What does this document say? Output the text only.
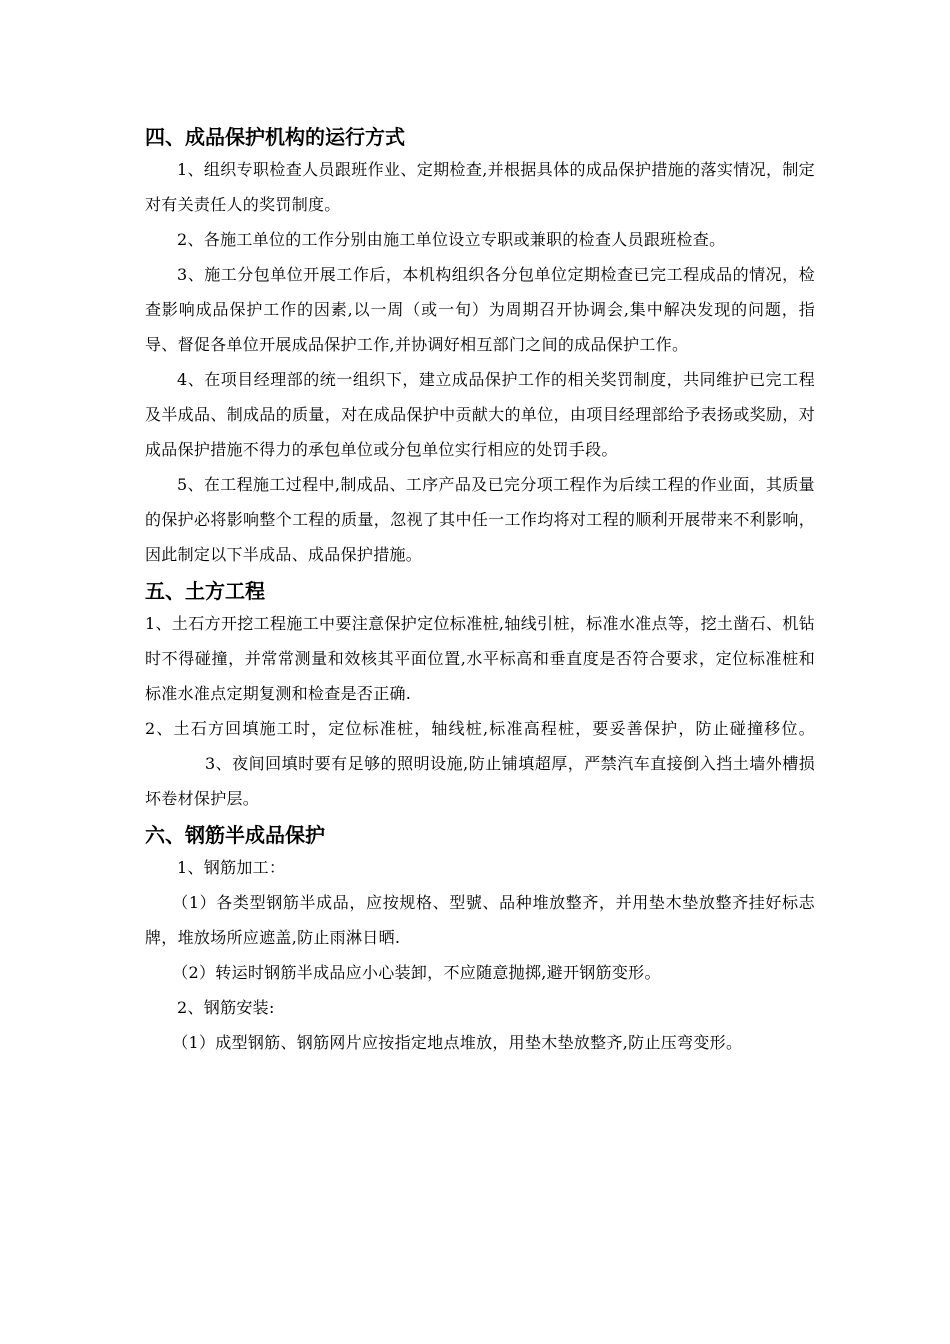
四、成品保护机构的运行方式

1、组织专职检查人员跟班作业、定期检查,并根据具体的成品保护措施的落实情况，制定对有关责任人的奖罚制度。

2、各施工单位的工作分别由施工单位设立专职或兼职的检查人员跟班检查。

3、施工分包单位开展工作后，本机构组织各分包单位定期检查已完工程成品的情况，检查影响成品保护工作的因素,以一周（或一旬）为周期召开协调会,集中解决发现的问题，指导、督促各单位开展成品保护工作,并协调好相互部门之间的成品保护工作。

4、在项目经理部的统一组织下，建立成品保护工作的相关奖罚制度，共同维护已完工程及半成品、制成品的质量，对在成品保护中贡献大的单位，由项目经理部给予表扬或奖励，对成品保护措施不得力的承包单位或分包单位实行相应的处罚手段。

5、在工程施工过程中,制成品、工序产品及已完分项工程作为后续工程的作业面，其质量的保护必将影响整个工程的质量，忽视了其中任一工作均将对工程的顺利开展带来不利影响，因此制定以下半成品、成品保护措施。

五、土方工程

1、土石方开挖工程施工中要注意保护定位标准桩,轴线引桩，标准水准点等，挖土凿石、机钻时不得碰撞，并常常测量和效核其平面位置,水平标高和垂直度是否符合要求，定位标准桩和标准水准点定期复测和检查是否正确.

2、土石方回填施工时，定位标准桩，轴线桩,标准高程桩，要妥善保护，防止碰撞移位。3、夜间回填时要有足够的照明设施,防止铺填超厚，严禁汽车直接倒入挡土墙外槽损坏卷材保护层。

六、钢筋半成品保护

1、钢筋加工：

（1）各类型钢筋半成品，应按规格、型號、品种堆放整齐，并用垫木垫放整齐挂好标志牌，堆放场所应遮盖,防止雨淋日晒.

（2）转运时钢筋半成品应小心装卸，不应随意抛掷,避开钢筋变形。

2、钢筋安装:

（1）成型钢筋、钢筋网片应按指定地点堆放，用垫木垫放整齐,防止压弯变形。
